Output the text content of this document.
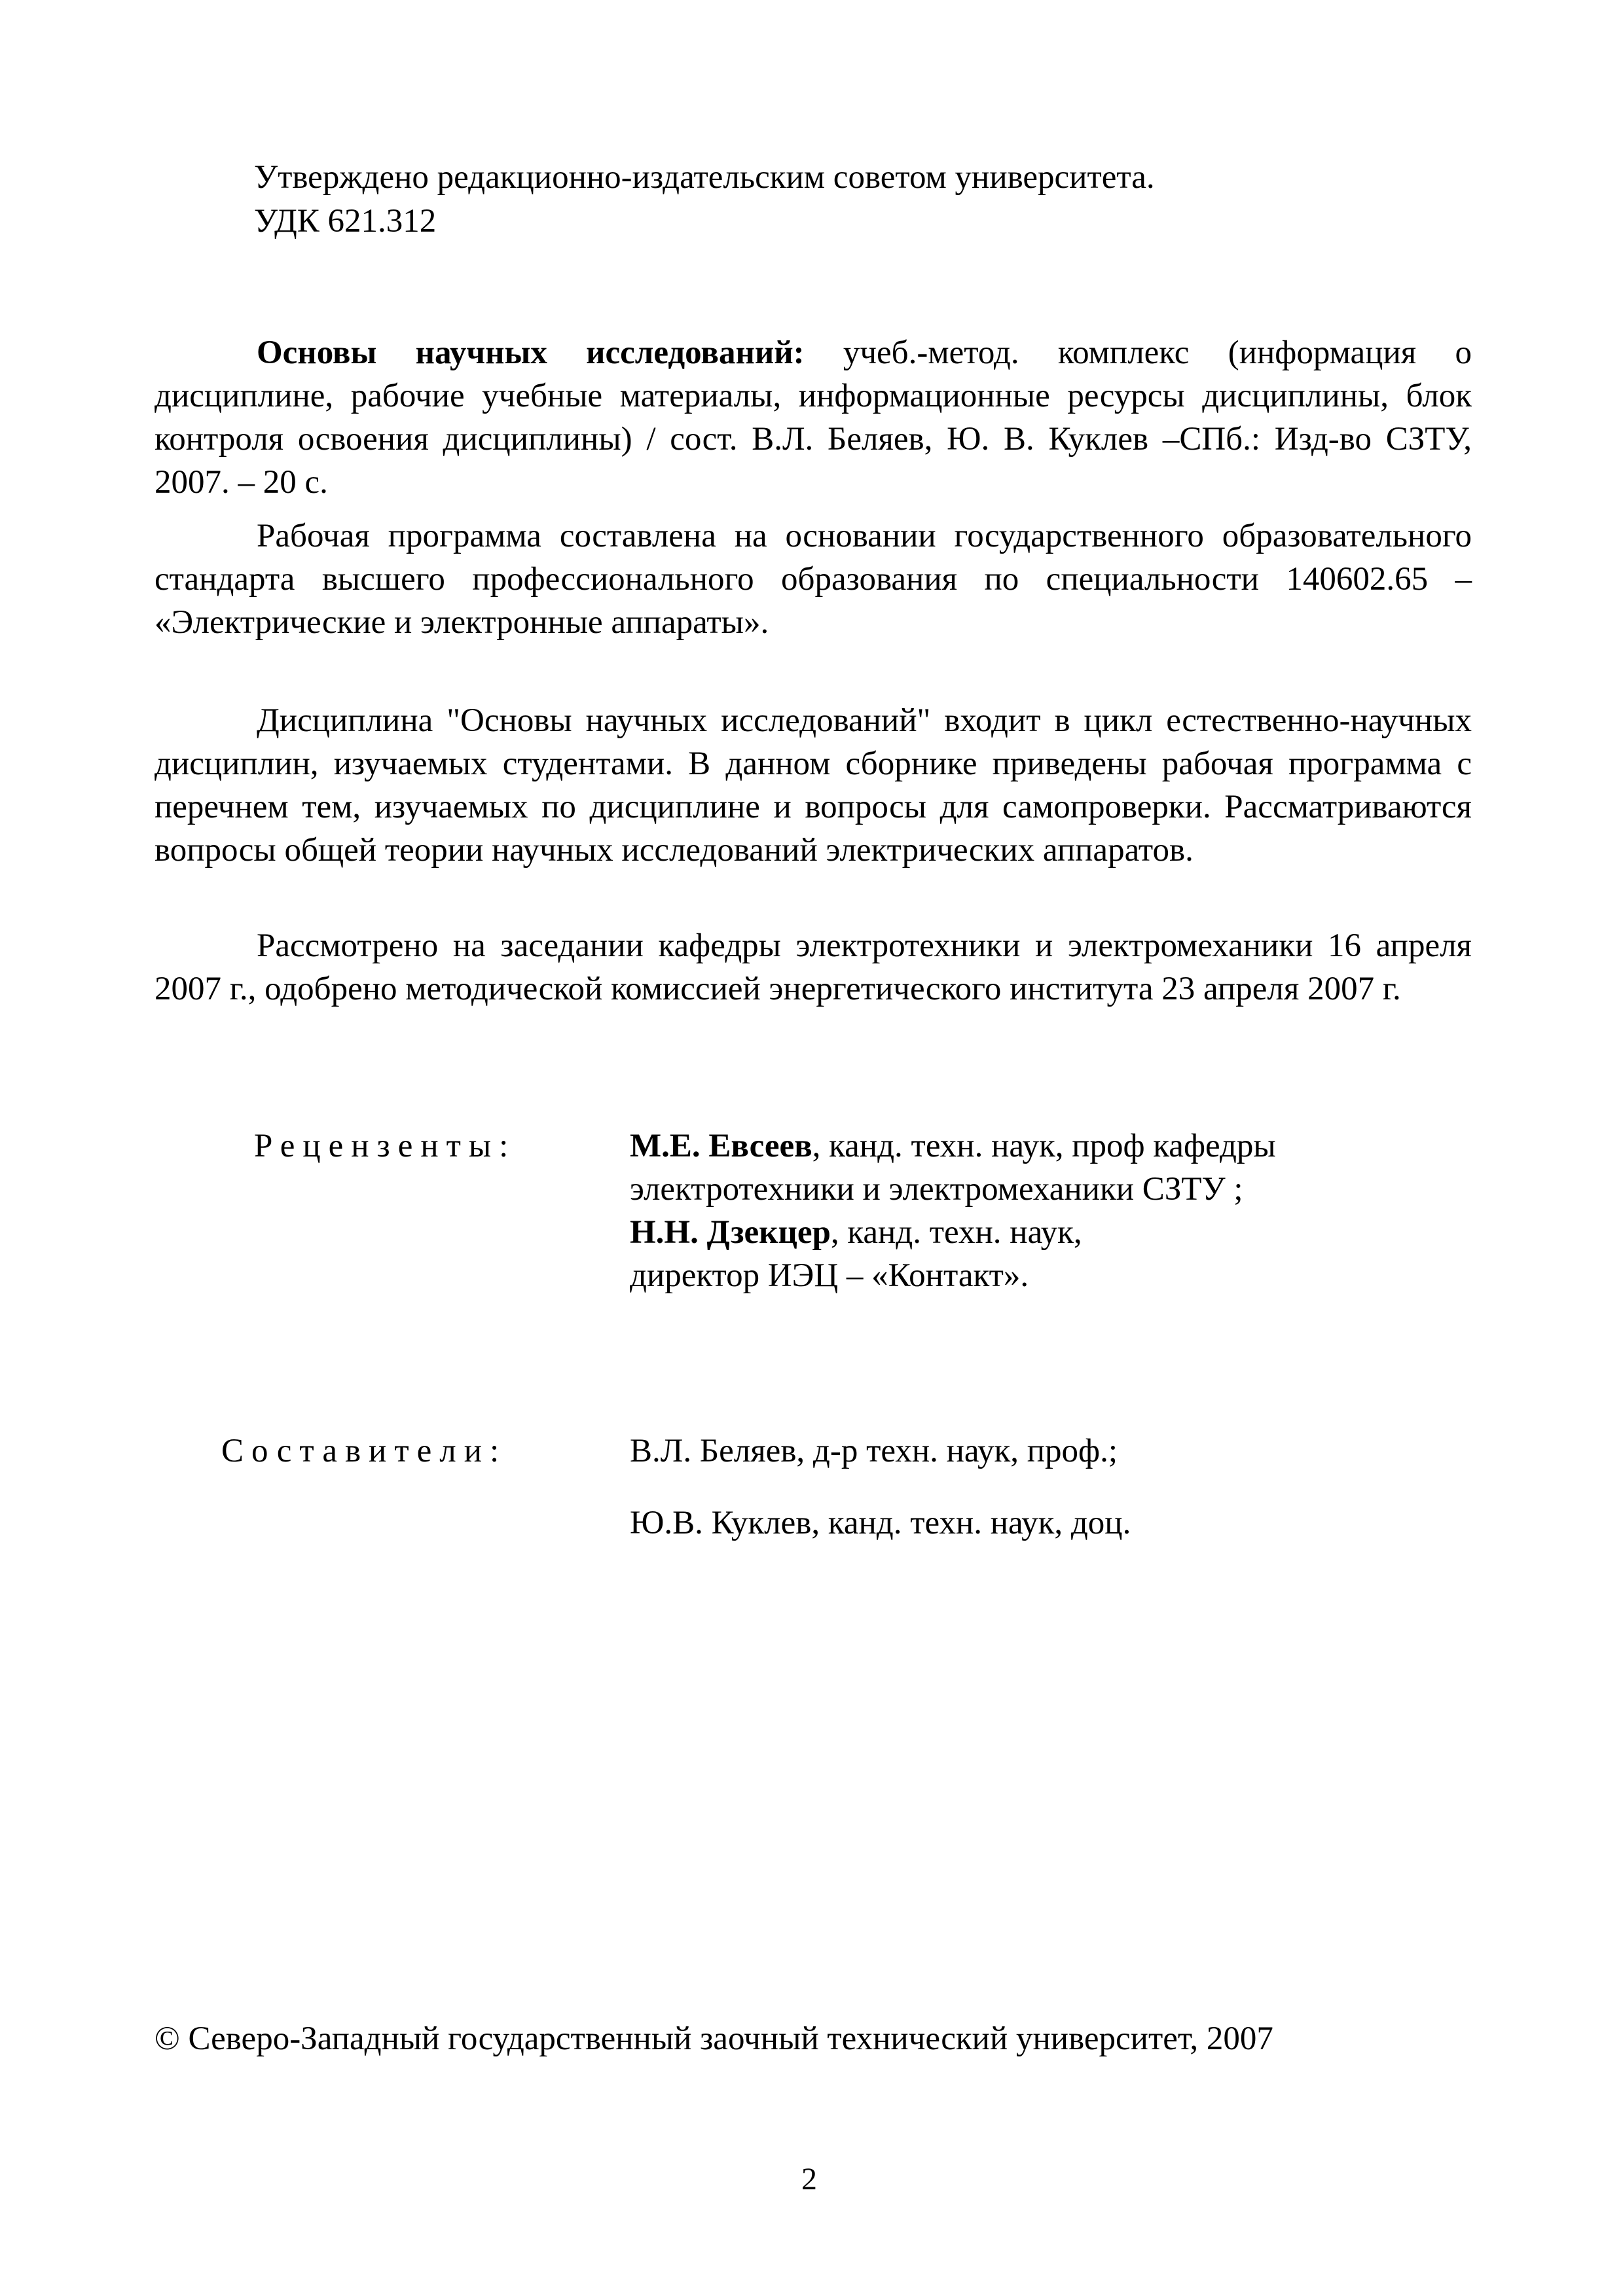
Утверждено редакционно-издательским советом университета.
УДК 621.312

Основы научных исследований: учеб.-метод. комплекс (информация о дисциплине, рабочие учебные материалы, информационные ресурсы дисциплины, блок контроля освоения дисциплины) / сост. В.Л. Беляев, Ю. В. Куклев –СПб.: Изд-во СЗТУ, 2007. – 20 с.

Рабочая программа составлена на основании государственного образовательного стандарта высшего профессионального образования по специальности 140602.65 – «Электрические и электронные аппараты».

Дисциплина "Основы научных исследований" входит в цикл естественно-научных дисциплин, изучаемых студентами. В данном сборнике приведены рабочая программа с перечнем тем, изучаемых по дисциплине и вопросы для самопроверки. Рассматриваются вопросы общей теории научных исследований электрических аппаратов.

Рассмотрено на заседании кафедры электротехники и электромеханики 16 апреля 2007 г., одобрено методической комиссией энергетического института 23 апреля 2007 г.

Рецензенты:	М.Е. Евсеев, канд. техн. наук, проф кафедры
электротехники и электромеханики СЗТУ ;
Н.Н. Дзекцер, канд. техн. наук,
директор ИЭЦ – «Контакт».
Составители:	В.Л. Беляев, д-р техн. наук, проф.;
Ю.В. Куклев, канд. техн. наук, доц.
© Северо-Западный государственный заочный технический университет, 2007
2
